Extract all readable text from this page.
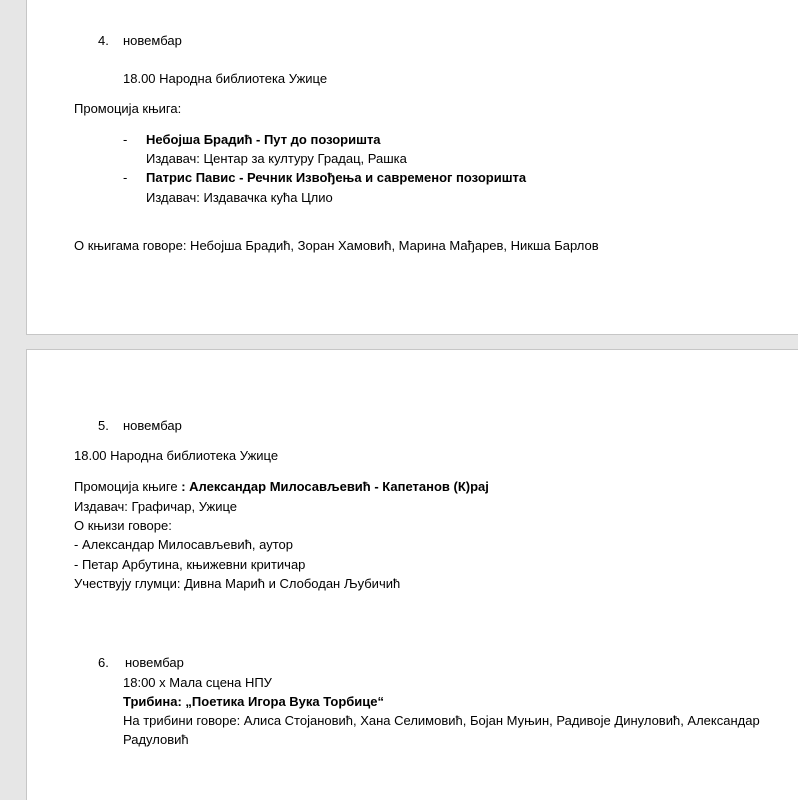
4. новембар
18.00 Народна библиотека Ужице
Промоција књига:
- Небојша Брадић - Пут до позоришта
Издавач: Центар за културу Градац, Рашка
- Патрис Павис - Речник Извођења и савременог позоришта
Издавач: Издавачка кућа Цлио
О књигама говоре: Небојша Брадић, Зоран Хамовић, Марина Мађарев, Никша Барлов
5. новембар
18.00 Народна библиотека Ужице
Промоција књиге : Александар Милосављевић - Капетанов (К)рај
Издавач: Графичар, Ужице
О књизи говоре:
- Александар Милосављевић, аутор
- Петар Арбутина, књижевни критичар
Учествују глумци: Дивна Марић и Слободан Љубичић
6. новембар
18:00 х Мала сцена НПУ
Трибина: „Поетика Игора Вука Торбице“
На трибини говоре: Алиса Стојановић, Хана Селимовић, Бојан Муњин, Радивоје Динуловић, Александар
Радуловић
